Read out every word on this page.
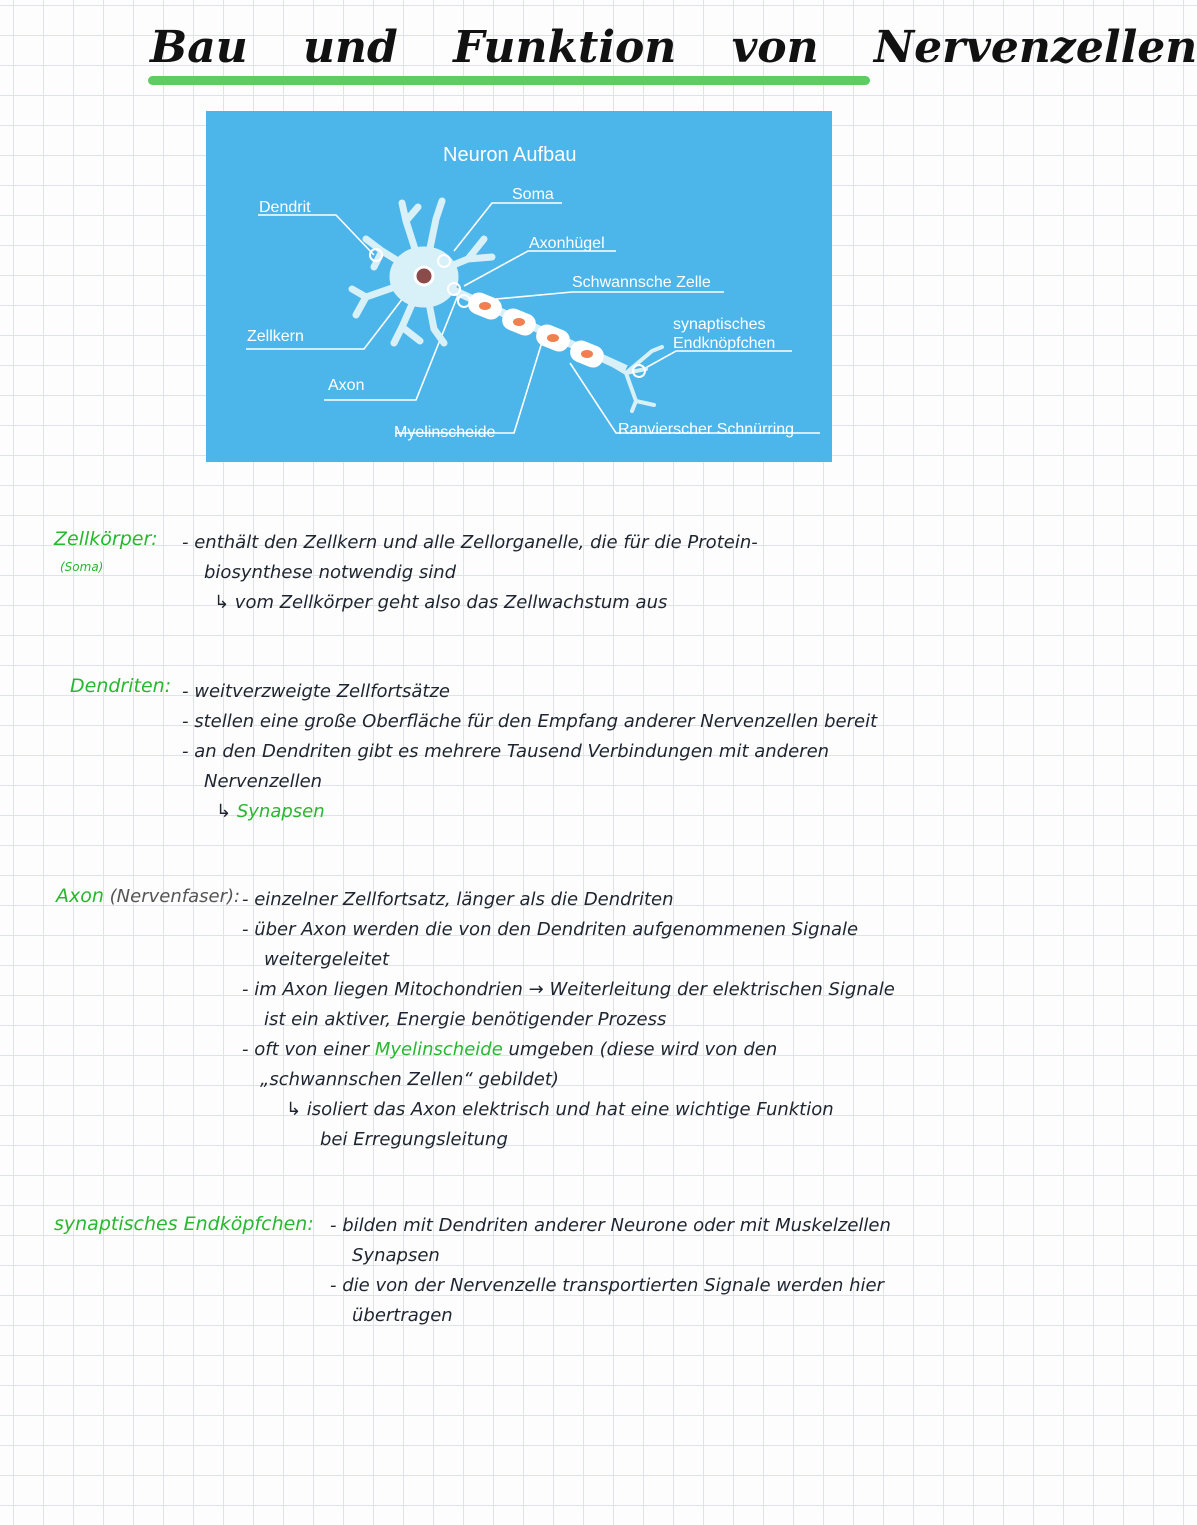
Bau und Funktion von Nervenzellen
Neuron Aufbau
Dendrit
Soma
Axonhügel
Schwannsche Zelle
synaptisches
Endknöpfchen
Zellkern
Axon
Myelinscheide	Ranvierscher Schnürring
Zellkörper:
(Soma)
- enthält den Zellkern und alle Zellorganelle, die für die Protein-
biosynthese notwendig sind
↳ vom Zellkörper geht also das Zellwachstum aus
Dendriten: - weitverzweigte Zellfortsätze
- stellen eine große Oberfläche für den Empfang anderer Nervenzellen bereit
- an den Dendriten gibt es mehrere Tausend Verbindungen mit anderen
Nervenzellen
↳ Synapsen
Axon (Nervenfaser): - einzelner Zellfortsatz, länger als die Dendriten
- über Axon werden die von den Dendriten aufgenommenen Signale
weitergeleitet
- im Axon liegen Mitochondrien → Weiterleitung der elektrischen Signale
ist ein aktiver, Energie benötigender Prozess
- oft von einer Myelinscheide umgeben (diese wird von den
„schwannschen Zellen“ gebildet)
↳ isoliert das Axon elektrisch und hat eine wichtige Funktion
bei Erregungsleitung
synaptisches Endköpfchen: - bilden mit Dendriten anderer Neurone oder mit Muskelzellen
Synapsen
- die von der Nervenzelle transportierten Signale werden hier
übertragen
